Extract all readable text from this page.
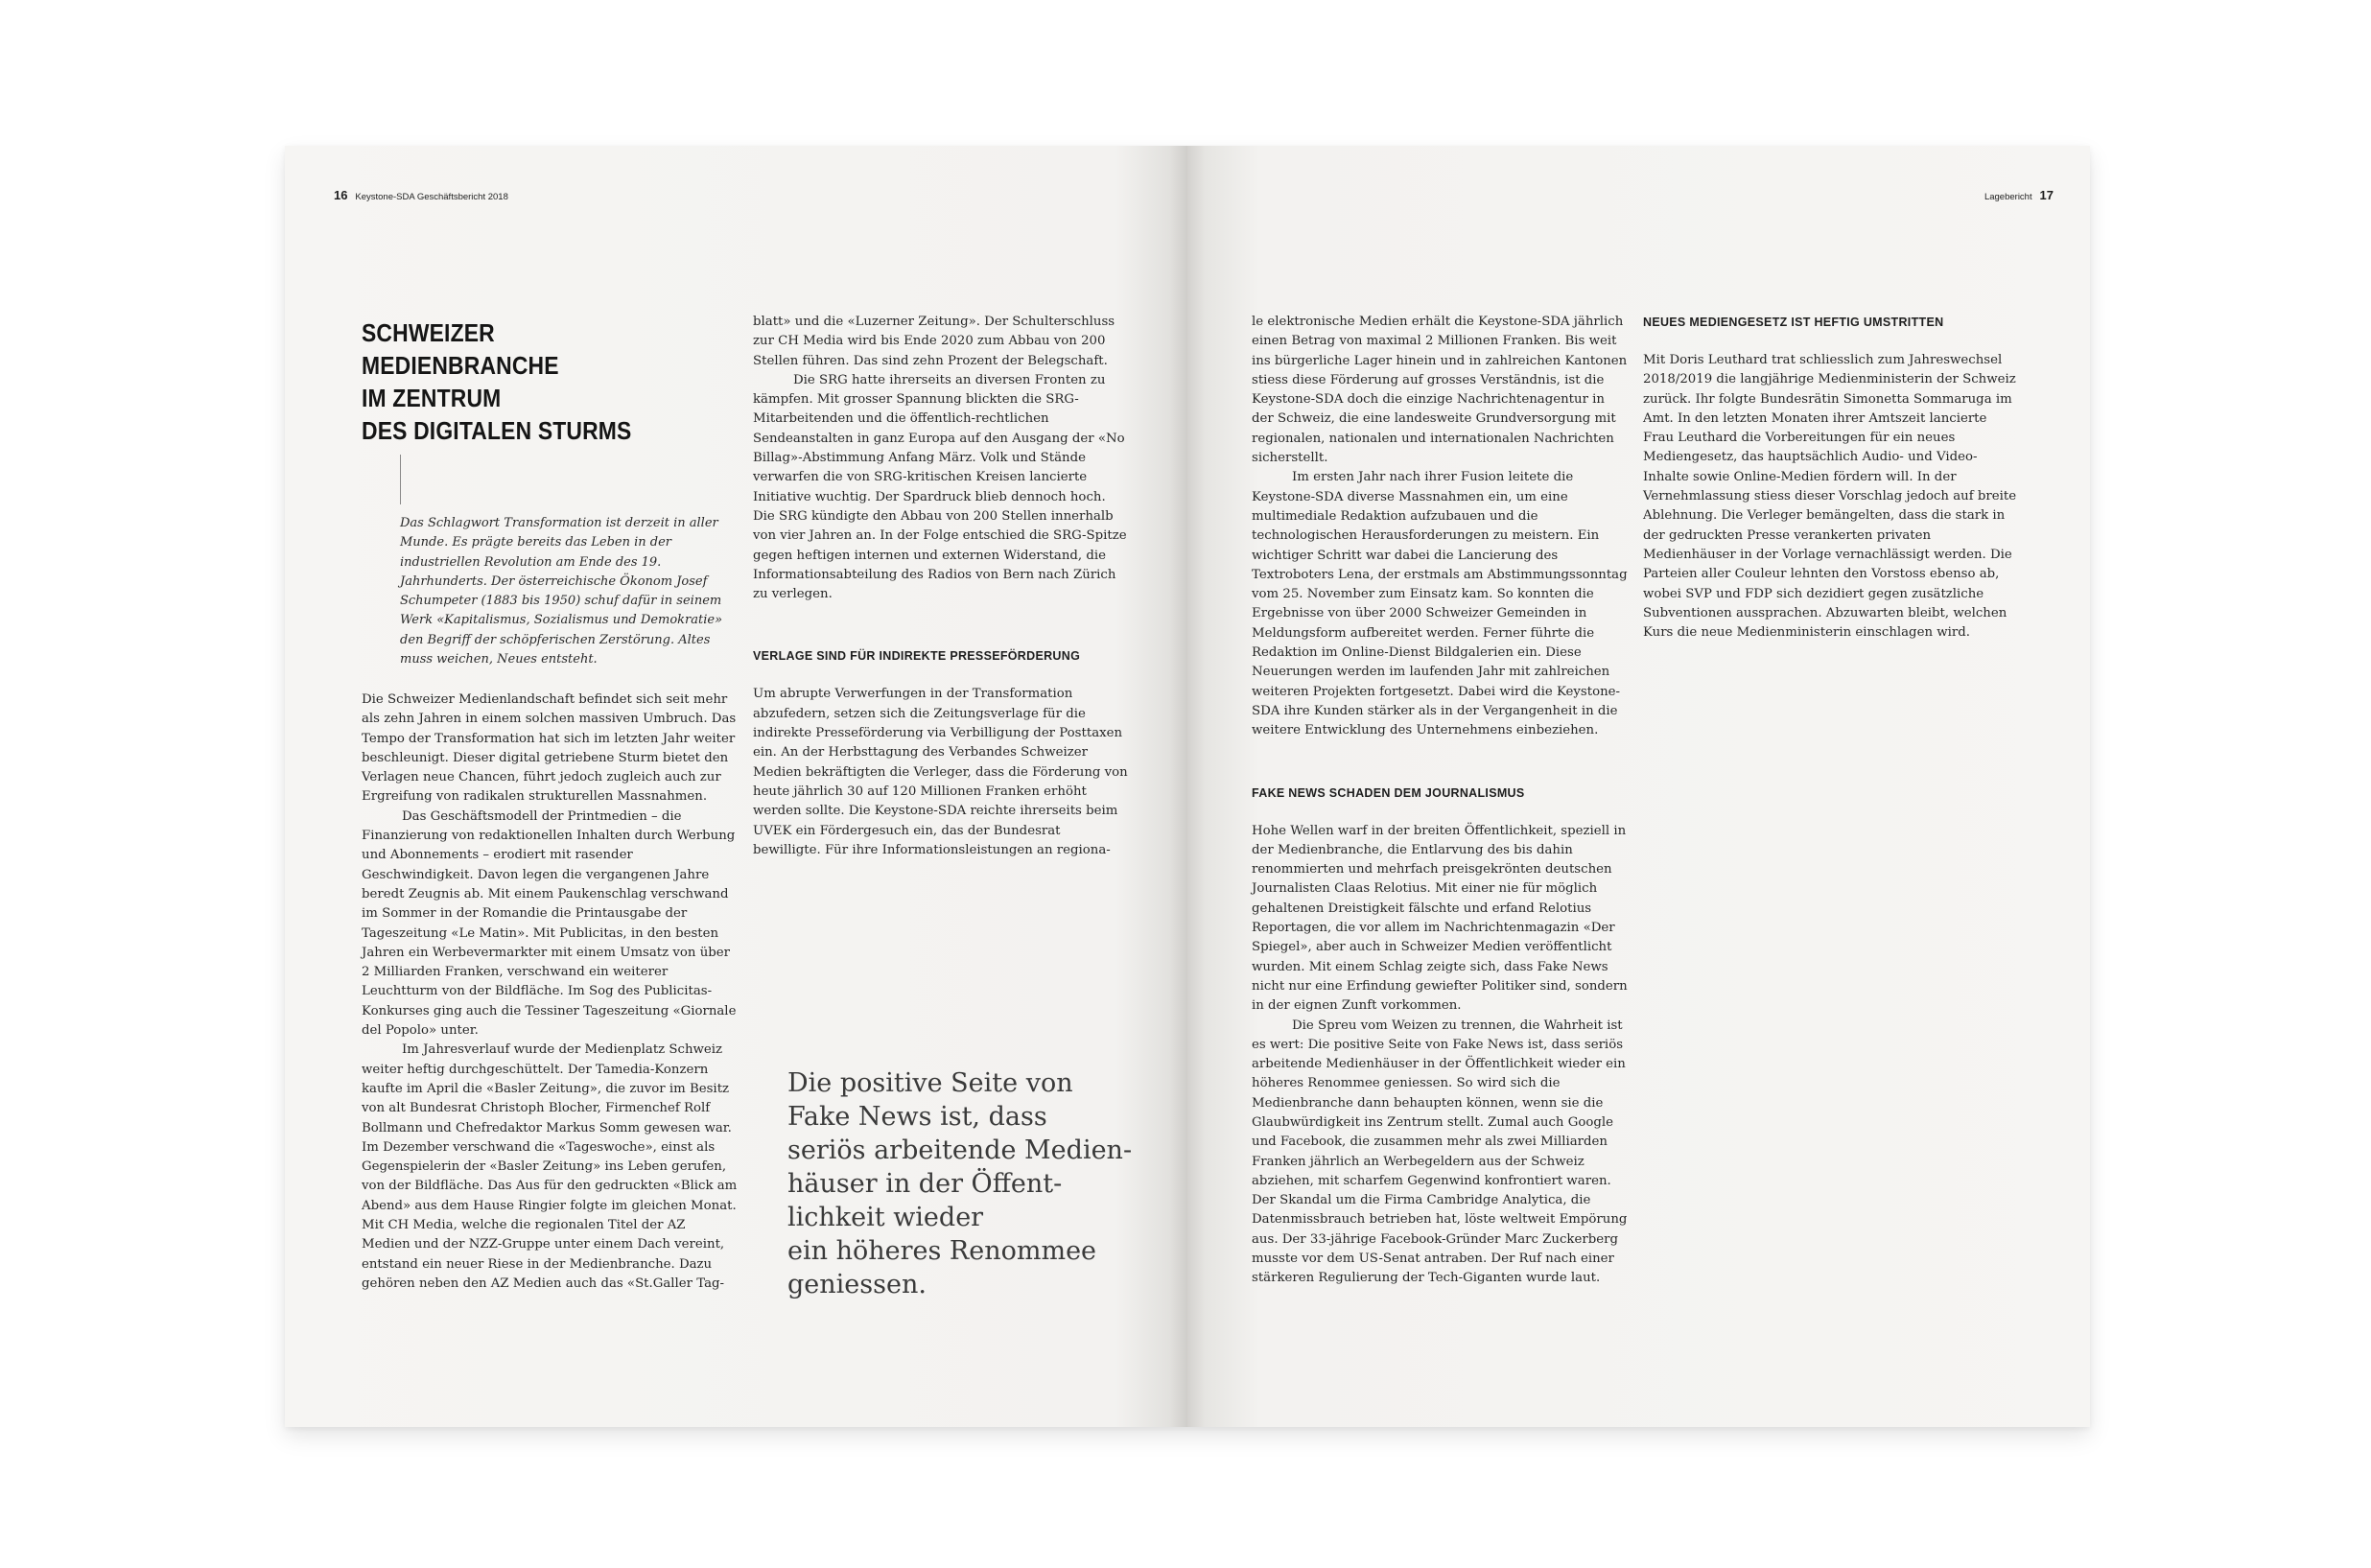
16 Keystone-SDA Geschäftsbericht 2018
SCHWEIZER
MEDIENBRANCHE
IM ZENTRUM
DES DIGITALEN STURMS
Das Schlagwort Transformation ist derzeit in aller Munde. Es prägte bereits das Leben in der industriellen Revolution am Ende des 19. Jahrhunderts. Der österreichische Ökonom Josef Schumpeter (1883 bis 1950) schuf dafür in seinem Werk «Kapitalismus, Sozialismus und Demokratie» den Begriff der schöpferischen Zerstörung. Altes muss weichen, Neues entsteht.

Die Schweizer Medienlandschaft befindet sich seit mehr als zehn Jahren in einem solchen massiven Umbruch. Das Tempo der Transformation hat sich im letzten Jahr weiter beschleunigt. Dieser digital getriebene Sturm bietet den Verlagen neue Chancen, führt jedoch zugleich auch zur Ergreifung von radikalen strukturellen Massnahmen.

Das Geschäftsmodell der Printmedien – die Finanzierung von redaktionellen Inhalten durch Werbung und Abonnements – erodiert mit rasender Geschwindigkeit. Davon legen die vergangenen Jahre beredt Zeugnis ab. Mit einem Paukenschlag verschwand im Sommer in der Romandie die Printausgabe der Tageszeitung «Le Matin». Mit Publicitas, in den besten Jahren ein Werbevermarkter mit einem Umsatz von über 2 Milliarden Franken, verschwand ein weiterer Leuchtturm von der Bildfläche. Im Sog des Publicitas-Konkurses ging auch die Tessiner Tageszeitung «Giornale del Popolo» unter.

Im Jahresverlauf wurde der Medienplatz Schweiz weiter heftig durchgeschüttelt. Der Tamedia-Konzern kaufte im April die «Basler Zeitung», die zuvor im Besitz von alt Bundesrat Christoph Blocher, Firmenchef Rolf Bollmann und Chefredaktor Markus Somm gewesen war. Im Dezember verschwand die «Tageswoche», einst als Gegenspielerin der «Basler Zeitung» ins Leben gerufen, von der Bildfläche. Das Aus für den gedruckten «Blick am Abend» aus dem Hause Ringier folgte im gleichen Monat. Mit CH Media, welche die regionalen Titel der AZ Medien und der NZZ-Gruppe unter einem Dach vereint, entstand ein neuer Riese in der Medienbranche. Dazu gehören neben den AZ Medien auch das «St.Galler Tag-

blatt» und die «Luzerner Zeitung». Der Schulterschluss zur CH Media wird bis Ende 2020 zum Abbau von 200 Stellen führen. Das sind zehn Prozent der Belegschaft.

Die SRG hatte ihrerseits an diversen Fronten zu kämpfen. Mit grosser Spannung blickten die SRG-Mitarbeitenden und die öffentlich-rechtlichen Sendeanstalten in ganz Europa auf den Ausgang der «No Billag»-Abstimmung Anfang März. Volk und Stände verwarfen die von SRG-kritischen Kreisen lancierte Initiative wuchtig. Der Spardruck blieb dennoch hoch. Die SRG kündigte den Abbau von 200 Stellen innerhalb von vier Jahren an. In der Folge entschied die SRG-Spitze gegen heftigen internen und externen Widerstand, die Informationsabteilung des Radios von Bern nach Zürich zu verlegen.

VERLAGE SIND FÜR INDIREKTE PRESSEFÖRDERUNG

Um abrupte Verwerfungen in der Transformation abzufedern, setzen sich die Zeitungsverlage für die indirekte Presseförderung via Verbilligung der Posttaxen ein. An der Herbsttagung des Verbandes Schweizer Medien bekräftigten die Verleger, dass die Förderung von heute jährlich 30 auf 120 Millionen Franken erhöht werden sollte. Die Keystone-SDA reichte ihrerseits beim UVEK ein Fördergesuch ein, das der Bundesrat bewilligte. Für ihre Informationsleistungen an regiona-

Die positive Seite von
Fake News ist, dass
seriös arbeitende Medien-
häuser in der Öffent-
lichkeit wieder
ein höheres Renommee
geniessen.
Lagebericht 17

le elektronische Medien erhält die Keystone-SDA jährlich einen Betrag von maximal 2 Millionen Franken. Bis weit ins bürgerliche Lager hinein und in zahlreichen Kantonen stiess diese Förderung auf grosses Verständnis, ist die Keystone-SDA doch die einzige Nachrichtenagentur in der Schweiz, die eine landesweite Grundversorgung mit regionalen, nationalen und internationalen Nachrichten sicherstellt.

Im ersten Jahr nach ihrer Fusion leitete die Keystone-SDA diverse Massnahmen ein, um eine multimediale Redaktion aufzubauen und die technologischen Herausforderungen zu meistern. Ein wichtiger Schritt war dabei die Lancierung des Textroboters Lena, der erstmals am Abstimmungssonntag vom 25. November zum Einsatz kam. So konnten die Ergebnisse von über 2000 Schweizer Gemeinden in Meldungsform aufbereitet werden. Ferner führte die Redaktion im Online-Dienst Bildgalerien ein. Diese Neuerungen werden im laufenden Jahr mit zahlreichen weiteren Projekten fortgesetzt. Dabei wird die Keystone-SDA ihre Kunden stärker als in der Vergangenheit in die weitere Entwicklung des Unternehmens einbeziehen.

FAKE NEWS SCHADEN DEM JOURNALISMUS

Hohe Wellen warf in der breiten Öffentlichkeit, speziell in der Medienbranche, die Entlarvung des bis dahin renommierten und mehrfach preisgekrönten deutschen Journalisten Claas Relotius. Mit einer nie für möglich gehaltenen Dreistigkeit fälschte und erfand Relotius Reportagen, die vor allem im Nachrichtenmagazin «Der Spiegel», aber auch in Schweizer Medien veröffentlicht wurden. Mit einem Schlag zeigte sich, dass Fake News nicht nur eine Erfindung gewiefter Politiker sind, sondern in der eignen Zunft vorkommen.

Die Spreu vom Weizen zu trennen, die Wahrheit ist es wert: Die positive Seite von Fake News ist, dass seriös arbeitende Medienhäuser in der Öffentlichkeit wieder ein höheres Renommee geniessen. So wird sich die Medienbranche dann behaupten können, wenn sie die Glaubwürdigkeit ins Zentrum stellt. Zumal auch Google und Facebook, die zusammen mehr als zwei Milliarden Franken jährlich an Werbegeldern aus der Schweiz abziehen, mit scharfem Gegenwind konfrontiert waren. Der Skandal um die Firma Cambridge Analytica, die Datenmissbrauch betrieben hat, löste weltweit Empörung aus. Der 33-jährige Facebook-Gründer Marc Zuckerberg musste vor dem US-Senat antraben. Der Ruf nach einer stärkeren Regulierung der Tech-Giganten wurde laut.

NEUES MEDIENGESETZ IST HEFTIG UMSTRITTEN

Mit Doris Leuthard trat schliesslich zum Jahreswechsel 2018/2019 die langjährige Medienministerin der Schweiz zurück. Ihr folgte Bundesrätin Simonetta Sommaruga im Amt. In den letzten Monaten ihrer Amtszeit lancierte Frau Leuthard die Vorbereitungen für ein neues Mediengesetz, das hauptsächlich Audio- und Video-Inhalte sowie Online-Medien fördern will. In der Vernehmlassung stiess dieser Vorschlag jedoch auf breite Ablehnung. Die Verleger bemängelten, dass die stark in der gedruckten Presse verankerten privaten Medienhäuser in der Vorlage vernachlässigt werden. Die Parteien aller Couleur lehnten den Vorstoss ebenso ab, wobei SVP und FDP sich dezidiert gegen zusätzliche Subventionen aussprachen. Abzuwarten bleibt, welchen Kurs die neue Medienministerin einschlagen wird.
